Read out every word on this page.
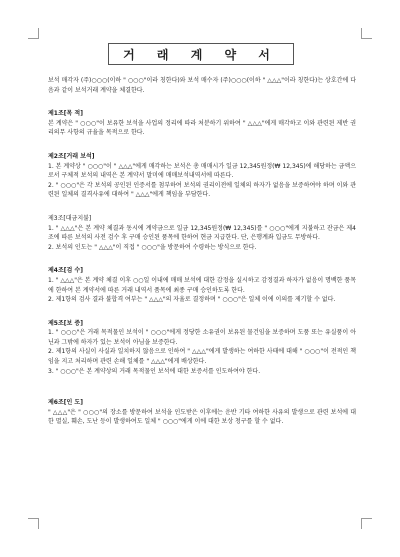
거 래 계 약 서

보석 매각자 (주)○○○(이하 " ○○○"이라 칭한다)와 보석 매수자 (주)○○○(이하 " △△△"이라 칭한다)는 상호간에 다음과 같이 보석거래 계약을 체결한다.

제1조[목 적]

본 계약은 " ○○○"이 보유한 보석을 사업의 정리에 따라 처분하기 위하여 " △△△"에게 매각하고 이와 관련된 제반 권리의무 사항의 규율을 목적으로 한다.

제2조[거래 보석]

1. 본 계약상 " ○○○"이 " △△△"에게 매각하는 보석은 총 매매시가 일금 12,345원정(₩ 12,345)에 해당하는 금액으로서 구체적 보석의 내역은 본 계약서 말미에 매매보석내역서에 따른다.

2. " ○○○"은 각 보석의 공인된 인증서를 첨부하여 보석의 권리이전에 일체의 하자가 없음을 보증하여야 하며 이와 관련된 일체의 결격사유에 대하여 " △△△"에게 책임을 부담한다.

제3조[대금지불]

1. " △△△"은 본 계약 체결과 동시에 계약금으로 일금 12,345원정(₩ 12,345)를 " ○○○"에게 지불하고 잔금은 제4조에 따른 보석의 사전 검수 후 구매 승인된 품목에 한하여 현금 지급한다. 단, 은행계좌 입금도 무방하다.

2. 보석의 인도는 " △△△"이 직접 " ○○○"을 방문하여 수령하는 방식으로 한다.

제4조[검 수]

1. " △△△"은 본 계약 체결 이후 ○○일 이내에 매매 보석에 대한 감정을 실시하고 감정결과 하자가 없음이 명백한 품목에 한하여 본 계약서에 따른 거래 내역서 품목에 최종 구매 승인하도록 한다.

2. 제1항의 검사 결과 불합격 여부는 " △△△"의 자율로 결정하며 " ○○○"은 일체 이에 이의를 제기할 수 없다.

제5조[보 증]

1. " ○○○"은 거래 목적물인 보석이 " ○○○"에게 정당한 소유권이 보유된 물건임을 보증하며 도품 또는 유실품이 아닌과 그밖에 하자가 있는 보석이 아님을 보증한다.

2. 제1항의 사실이 사실과 일치하지 않음으로 인하여 " △△△"에게 발생하는 여하한 사태에 대해 " ○○○"이 전적인 책임을 지고 처리하며 관련 손해 일체를 " △△△"에게 배상한다.

3. " ○○○"은 본 계약상의 거래 목적물인 보석에 대한 보증서를 인도하여야 한다.

제6조[인 도]

" △△△"은 " ○○○"의 장소를 방문하여 보석을 인도받은 이후에는 운반 기타 여하한 사유의 발생으로 관련 보석에 대한 멸실, 훼손, 도난 등이 발생하여도 일체 " ○○○"에게 이에 대한 보상 청구를 할 수 없다.
